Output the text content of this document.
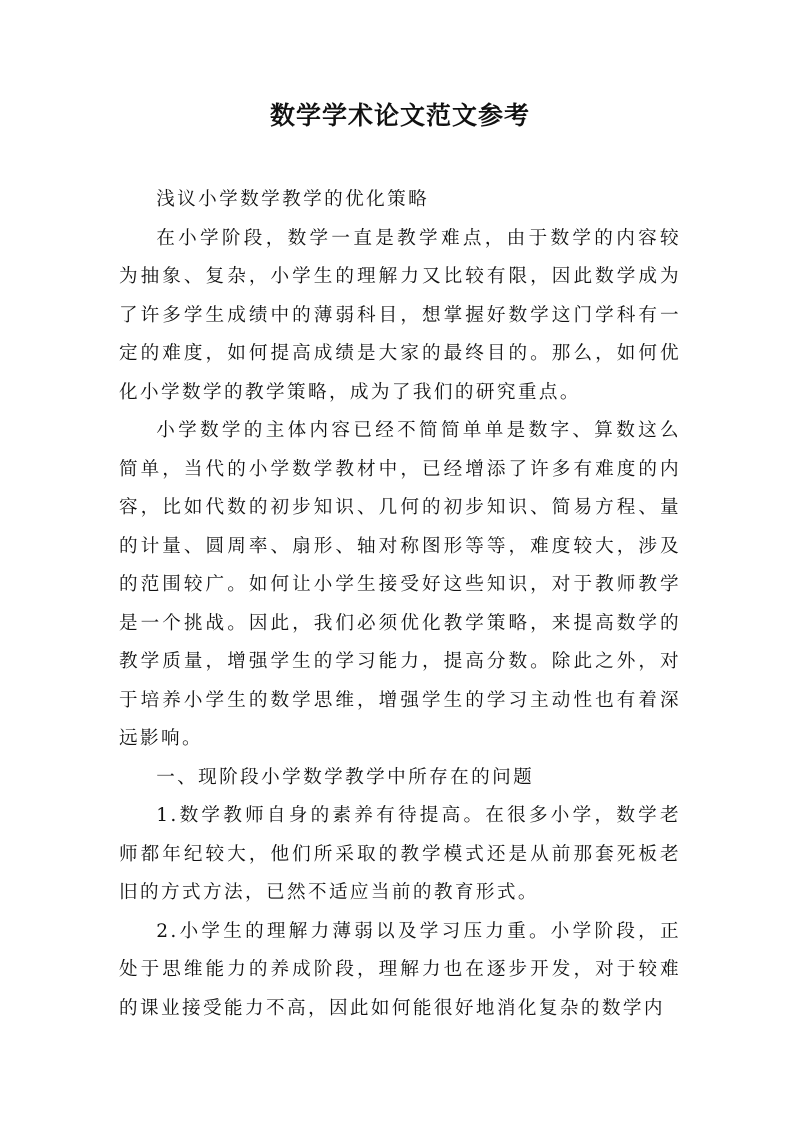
数学学术论文范文参考

浅议小学数学教学的优化策略

在小学阶段，数学一直是教学难点，由于数学的内容较为抽象、复杂，小学生的理解力又比较有限，因此数学成为了许多学生成绩中的薄弱科目，想掌握好数学这门学科有一定的难度，如何提高成绩是大家的最终目的。那么，如何优化小学数学的教学策略，成为了我们的研究重点。

小学数学的主体内容已经不简简单单是数字、算数这么简单，当代的小学数学教材中，已经增添了许多有难度的内容，比如代数的初步知识、几何的初步知识、简易方程、量的计量、圆周率、扇形、轴对称图形等等，难度较大，涉及的范围较广。如何让小学生接受好这些知识，对于教师教学是一个挑战。因此，我们必须优化教学策略，来提高数学的教学质量，增强学生的学习能力，提高分数。除此之外，对于培养小学生的数学思维，增强学生的学习主动性也有着深远影响。

一、现阶段小学数学教学中所存在的问题

1.数学教师自身的素养有待提高。在很多小学，数学老师都年纪较大，他们所采取的教学模式还是从前那套死板老旧的方式方法，已然不适应当前的教育形式。

2.小学生的理解力薄弱以及学习压力重。小学阶段，正处于思维能力的养成阶段，理解力也在逐步开发，对于较难的课业接受能力不高，因此如何能很好地消化复杂的数学内
